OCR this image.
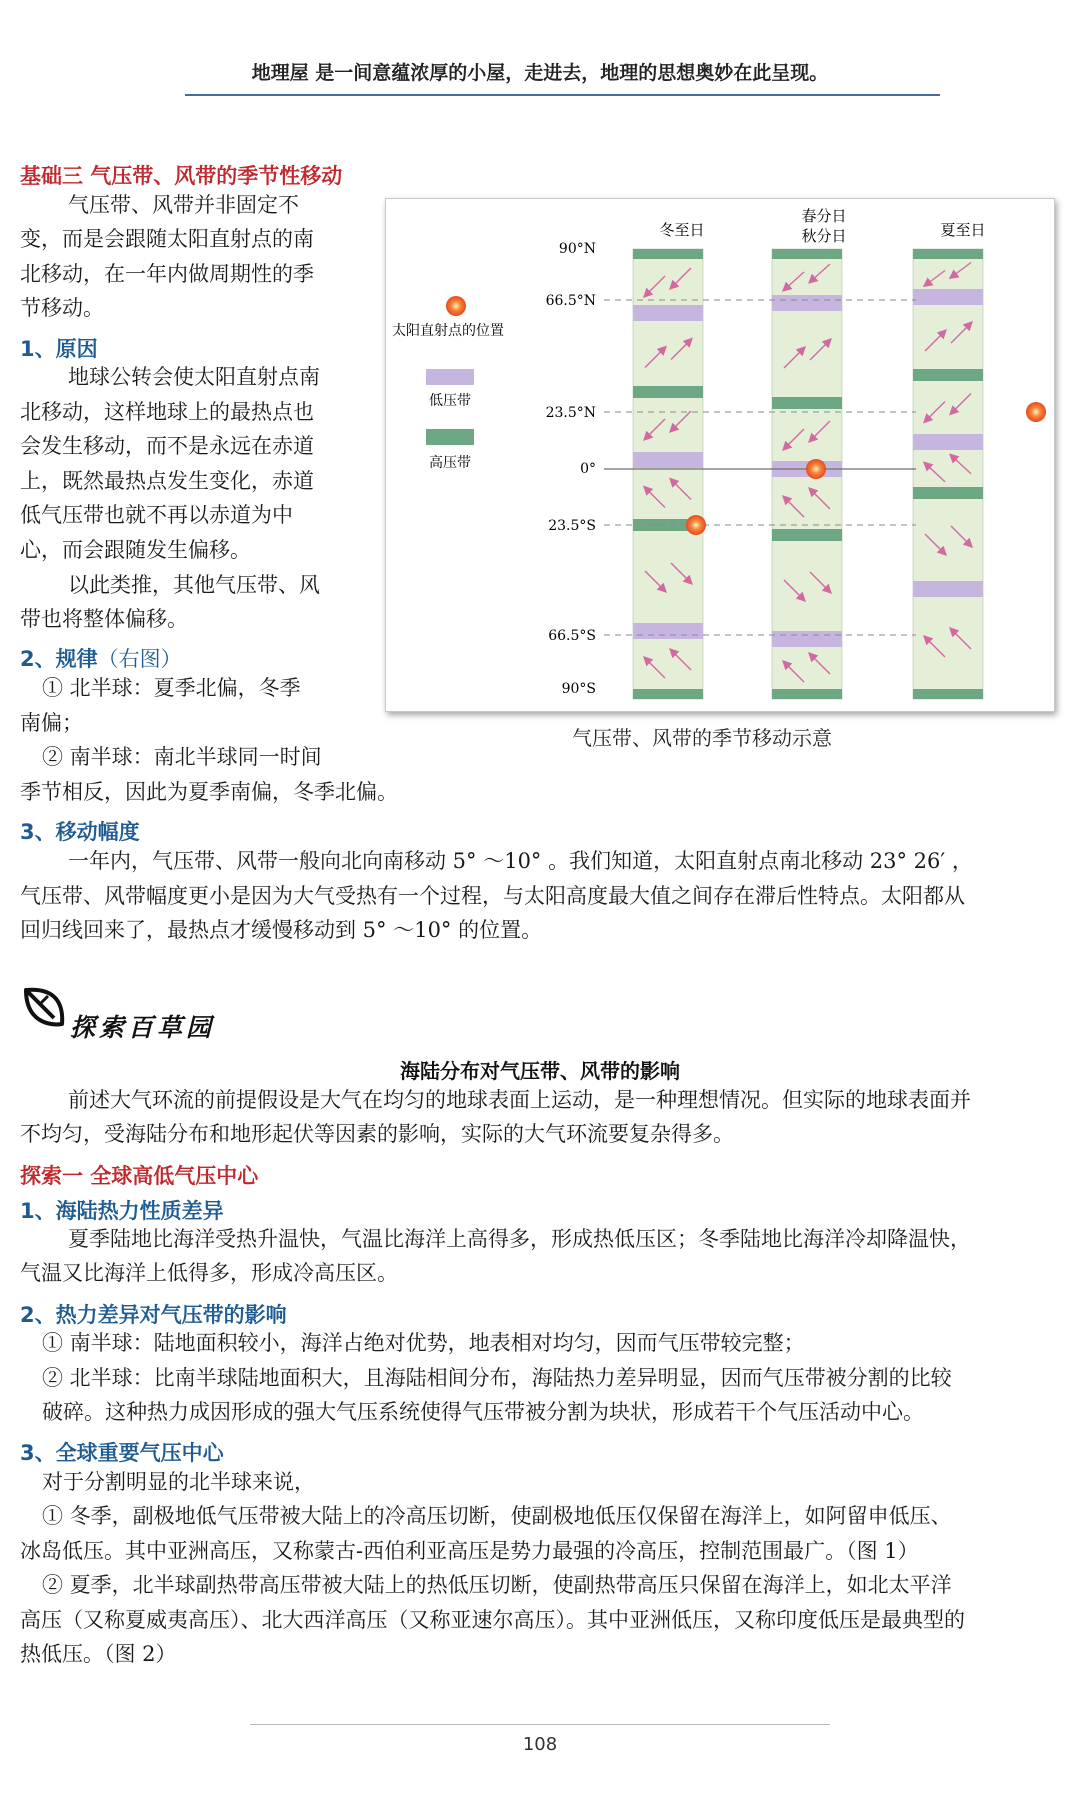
地理屋 是一间意蕴浓厚的小屋，走进去，地理的思想奥妙在此呈现。
基础三 气压带、风带的季节性移动
气压带、风带并非固定不
变，而是会跟随太阳直射点的南
北移动，在一年内做周期性的季
节移动。
1、原因
地球公转会使太阳直射点南
北移动，这样地球上的最热点也
会发生移动，而不是永远在赤道
上，既然最热点发生变化，赤道
低气压带也就不再以赤道为中
心，而会跟随发生偏移。
以此类推，其他气压带、风
带也将整体偏移。
2、规律（右图）
① 北半球：夏季北偏，冬季
南偏；
② 南半球：南北半球同一时间
季节相反，因此为夏季南偏，冬季北偏。
3、移动幅度
一年内，气压带、风带一般向北向南移动 5° ～10° 。我们知道，太阳直射点南北移动 23° 26′ ，
气压带、风带幅度更小是因为大气受热有一个过程，与太阳高度最大值之间存在滞后性特点。太阳都从
回归线回来了，最热点才缓慢移动到 5° ～10° 的位置。
冬至日
春分日
秋分日	夏至日
90°N
66.5°N
23.5°N
0°
23.5°S
66.5°S
90°S
太阳直射点的位置
低压带
高压带
气压带、风带的季节移动示意
探索百草园
海陆分布对气压带、风带的影响
前述大气环流的前提假设是大气在均匀的地球表面上运动，是一种理想情况。但实际的地球表面并
不均匀，受海陆分布和地形起伏等因素的影响，实际的大气环流要复杂得多。
探索一 全球高低气压中心
1、海陆热力性质差异
夏季陆地比海洋受热升温快，气温比海洋上高得多，形成热低压区；冬季陆地比海洋冷却降温快，
气温又比海洋上低得多，形成冷高压区。
2、热力差异对气压带的影响
① 南半球：陆地面积较小，海洋占绝对优势，地表相对均匀，因而气压带较完整；
② 北半球：比南半球陆地面积大，且海陆相间分布，海陆热力差异明显，因而气压带被分割的比较
破碎。这种热力成因形成的强大气压系统使得气压带被分割为块状，形成若干个气压活动中心。
3、全球重要气压中心
对于分割明显的北半球来说，
① 冬季，副极地低气压带被大陆上的冷高压切断，使副极地低压仅保留在海洋上，如阿留申低压、
冰岛低压。其中亚洲高压，又称蒙古-西伯利亚高压是势力最强的冷高压，控制范围最广。（图 1）
② 夏季，北半球副热带高压带被大陆上的热低压切断，使副热带高压只保留在海洋上，如北太平洋
高压（又称夏威夷高压）、北大西洋高压（又称亚速尔高压）。其中亚洲低压，又称印度低压是最典型的
热低压。（图 2）
108
